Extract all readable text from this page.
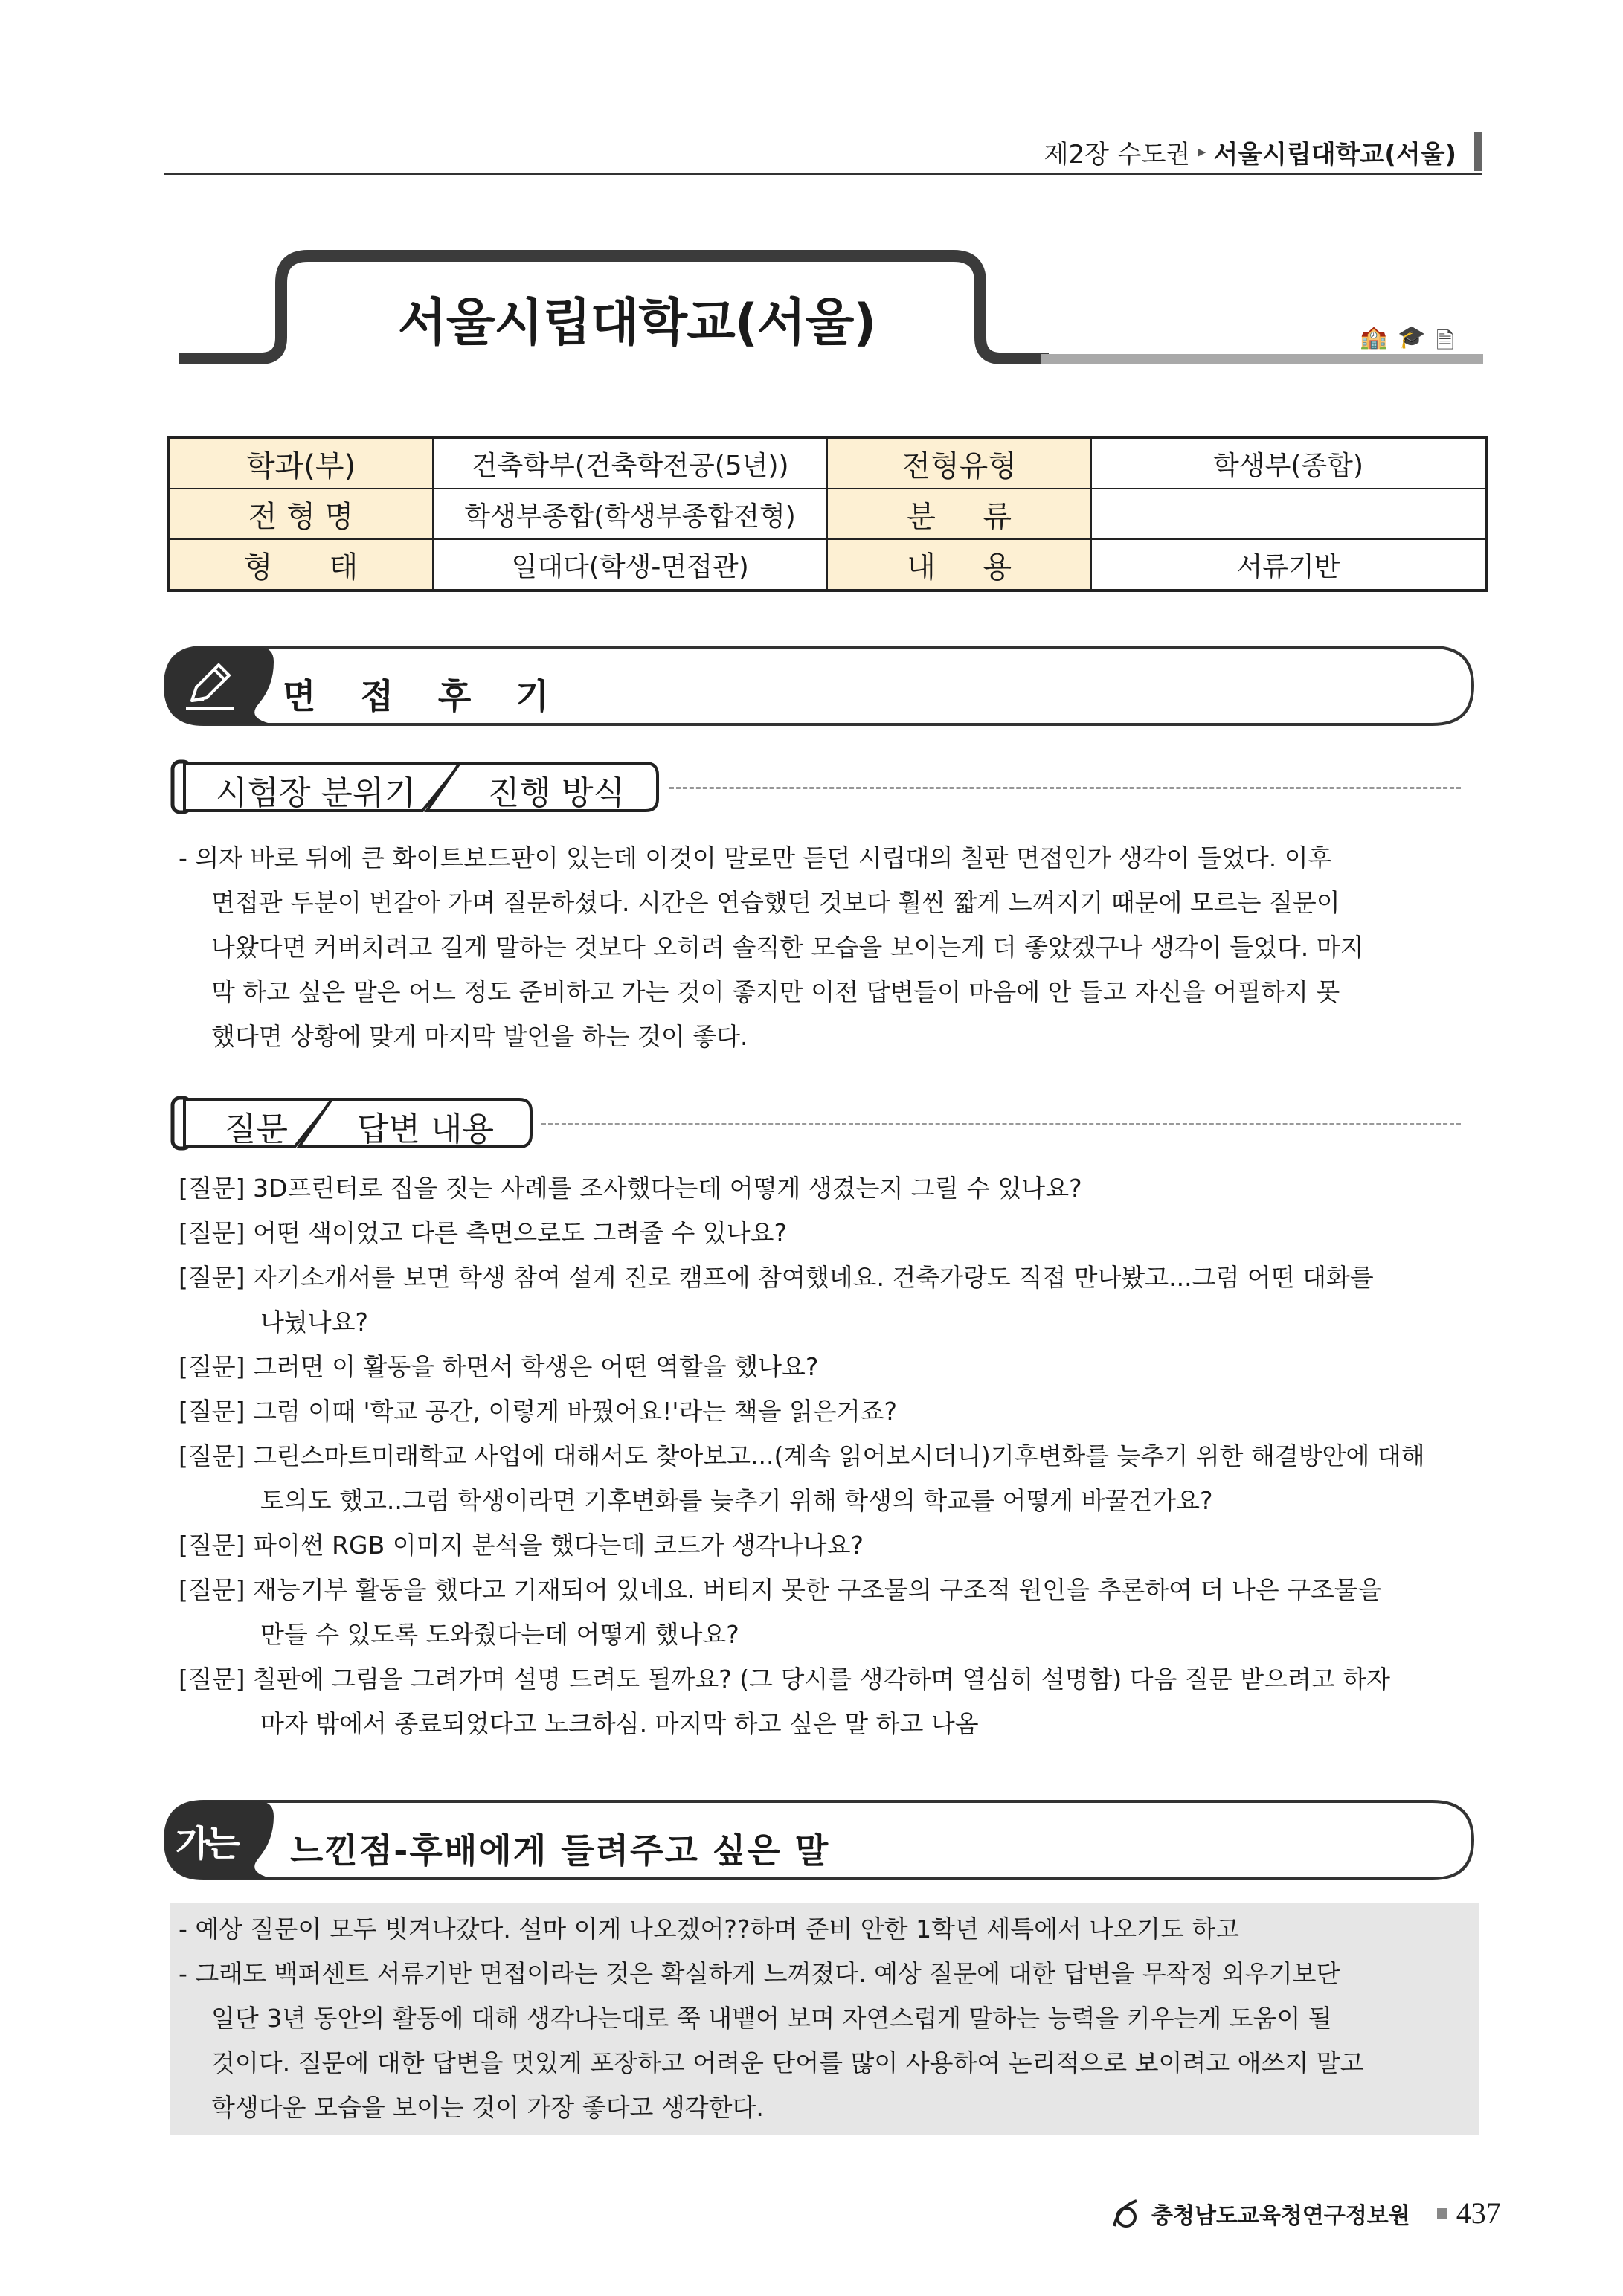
제2장 수도권 ▸ 서울시립대학교(서울)
서울시립대학교(서울)	🏫 🎓 🗎
학과(부)	건축학부(건축학전공(5년))	전형유형	학생부(종합)
전 형 명	학생부종합(학생부종합전형)	분     류	
형      태	일대다(학생-면접관)	내     용	서류기반
면 접 후 기
시험장 분위기 진행 방식
- 의자 바로 뒤에 큰 화이트보드판이 있는데 이것이 말로만 듣던 시립대의 칠판 면접인가 생각이 들었다. 이후
면접관 두분이 번갈아 가며 질문하셨다. 시간은 연습했던 것보다 훨씬 짧게 느껴지기 때문에 모르는 질문이
나왔다면 커버치려고 길게 말하는 것보다 오히려 솔직한 모습을 보이는게 더 좋았겠구나 생각이 들었다. 마지
막 하고 싶은 말은 어느 정도 준비하고 가는 것이 좋지만 이전 답변들이 마음에 안 들고 자신을 어필하지 못
했다면 상황에 맞게 마지막 발언을 하는 것이 좋다.
질문 답변 내용
[질문] 3D프린터로 집을 짓는 사례를 조사했다는데 어떻게 생겼는지 그릴 수 있나요?
[질문] 어떤 색이었고 다른 측면으로도 그려줄 수 있나요?
[질문] 자기소개서를 보면 학생 참여 설계 진로 캠프에 참여했네요. 건축가랑도 직접 만나봤고...그럼 어떤 대화를
나눴나요?
[질문] 그러면 이 활동을 하면서 학생은 어떤 역할을 했나요?
[질문] 그럼 이때 '학교 공간, 이렇게 바꿨어요!'라는 책을 읽은거죠?
[질문] 그린스마트미래학교 사업에 대해서도 찾아보고...(계속 읽어보시더니)기후변화를 늦추기 위한 해결방안에 대해
토의도 했고..그럼 학생이라면 기후변화를 늦추기 위해 학생의 학교를 어떻게 바꿀건가요?
[질문] 파이썬 RGB 이미지 분석을 했다는데 코드가 생각나나요?
[질문] 재능기부 활동을 했다고 기재되어 있네요. 버티지 못한 구조물의 구조적 원인을 추론하여 더 나은 구조물을
만들 수 있도록 도와줬다는데 어떻게 했나요?
[질문] 칠판에 그림을 그려가며 설명 드려도 될까요? (그 당시를 생각하며 열심히 설명함) 다음 질문 받으려고 하자
마자 밖에서 종료되었다고 노크하심. 마지막 하고 싶은 말 하고 나옴
가는 느낀점-후배에게 들려주고 싶은 말
- 예상 질문이 모두 빗겨나갔다. 설마 이게 나오겠어??하며 준비 안한 1학년 세특에서 나오기도 하고
- 그래도 백퍼센트 서류기반 면접이라는 것은 확실하게 느껴졌다. 예상 질문에 대한 답변을 무작정 외우기보단
일단 3년 동안의 활동에 대해 생각나는대로 쭉 내뱉어 보며 자연스럽게 말하는 능력을 키우는게 도움이 될
것이다. 질문에 대한 답변을 멋있게 포장하고 어려운 단어를 많이 사용하여 논리적으로 보이려고 애쓰지 말고
학생다운 모습을 보이는 것이 가장 좋다고 생각한다.
충청남도교육청연구정보원 437
